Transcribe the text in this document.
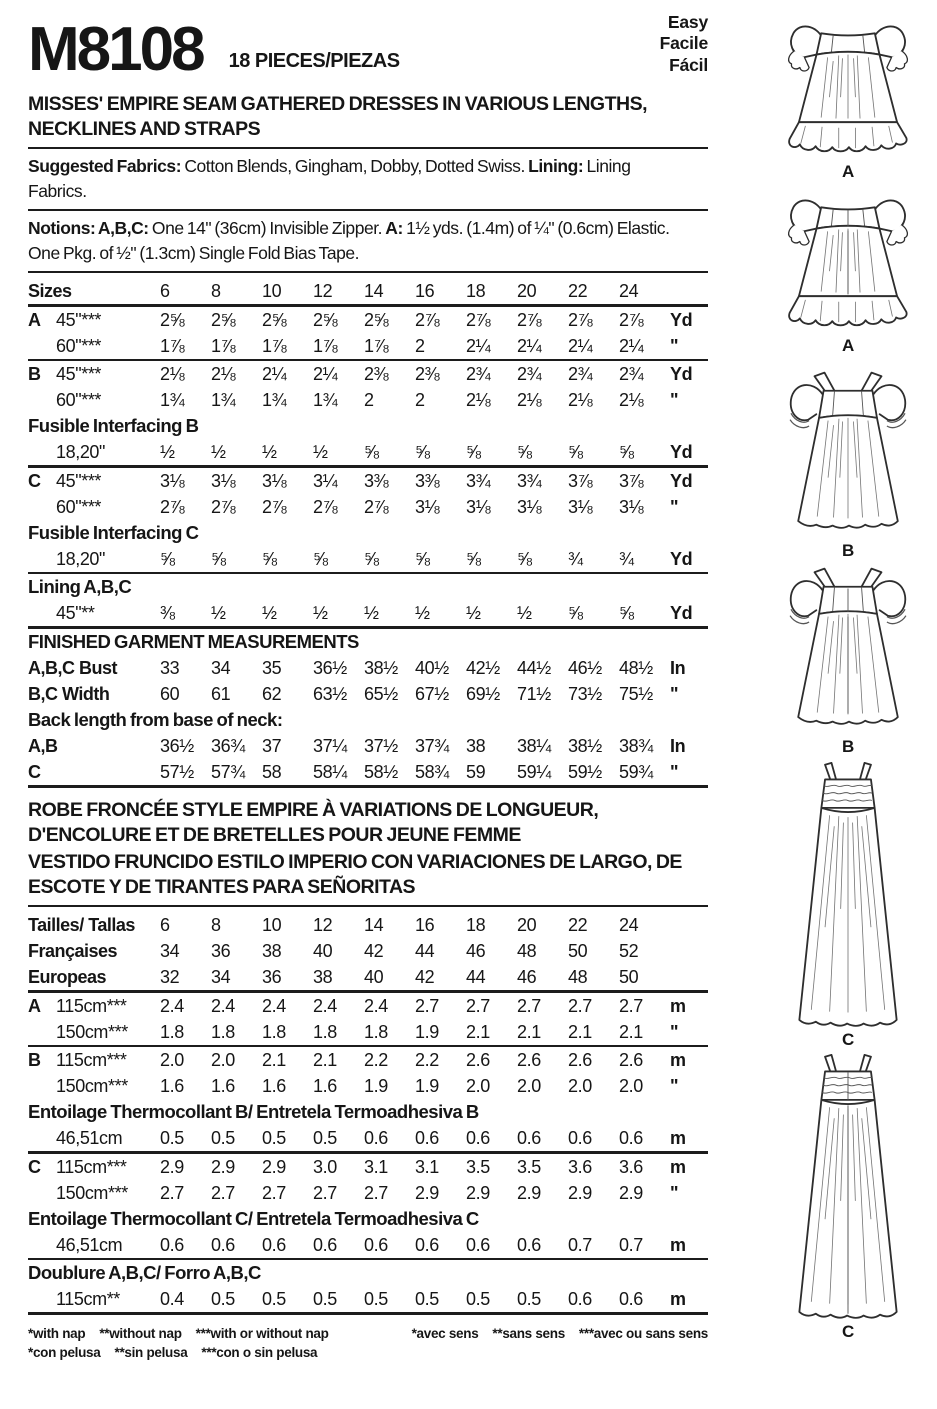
M8108 18 PIECES/PIEZAS
Easy
Facile
Fácil
MISSES' EMPIRE SEAM GATHERED DRESSES IN VARIOUS LENGTHS, NECKLINES AND STRAPS
Suggested Fabrics: Cotton Blends, Gingham, Dobby, Dotted Swiss. Lining: Lining Fabrics.
Notions: A,B,C: One 14" (36cm) Invisible Zipper. A: 1½ yds. (1.4m) of ¼" (0.6cm) Elastic. One Pkg. of ½" (1.3cm) Single Fold Bias Tape.
Sizes	6	8	10	12	14	16	18	20	22	24	
A 45"***	2⅝	2⅝	2⅝	2⅝	2⅝	2⅞	2⅞	2⅞	2⅞	2⅞	Yd
60"***	1⅞	1⅞	1⅞	1⅞	1⅞	2	2¼	2¼	2¼	2¼	"
B 45"***	2⅛	2⅛	2¼	2¼	2⅜	2⅜	2¾	2¾	2¾	2¾	Yd
60"***	1¾	1¾	1¾	1¾	2	2	2⅛	2⅛	2⅛	2⅛	"
Fusible Interfacing B											
18,20"	½	½	½	½	⅝	⅝	⅝	⅝	⅝	⅝	Yd
C 45"***	3⅛	3⅛	3⅛	3¼	3⅜	3⅜	3¾	3¾	3⅞	3⅞	Yd
60"***	2⅞	2⅞	2⅞	2⅞	2⅞	3⅛	3⅛	3⅛	3⅛	3⅛	"
Fusible Interfacing C											
18,20"	⅝	⅝	⅝	⅝	⅝	⅝	⅝	⅝	¾	¾	Yd
Lining A,B,C											
45"**	⅜	½	½	½	½	½	½	½	⅝	⅝	Yd
FINISHED GARMENT MEASUREMENTS											
A,B,C Bust	33	34	35	36½	38½	40½	42½	44½	46½	48½	In
B,C Width	60	61	62	63½	65½	67½	69½	71½	73½	75½	"
Back length from base of neck:											
A,B	36½	36¾	37	37¼	37½	37¾	38	38¼	38½	38¾	In
C	57½	57¾	58	58¼	58½	58¾	59	59¼	59½	59¾	"
ROBE FRONCÉE STYLE EMPIRE À VARIATIONS DE LONGUEUR, D'ENCOLURE ET DE BRETELLES POUR JEUNE FEMME
VESTIDO FRUNCIDO ESTILO IMPERIO CON VARIACIONES DE LARGO, DE ESCOTE Y DE TIRANTES PARA SEÑORITAS
Tailles/ Tallas	6	8	10	12	14	16	18	20	22	24	
Françaises	34	36	38	40	42	44	46	48	50	52	
Europeas	32	34	36	38	40	42	44	46	48	50	
A 115cm***	2.4	2.4	2.4	2.4	2.4	2.7	2.7	2.7	2.7	2.7	m
150cm***	1.8	1.8	1.8	1.8	1.8	1.9	2.1	2.1	2.1	2.1	"
B 115cm***	2.0	2.0	2.1	2.1	2.2	2.2	2.6	2.6	2.6	2.6	m
150cm***	1.6	1.6	1.6	1.6	1.9	1.9	2.0	2.0	2.0	2.0	"
Entoilage Thermocollant B/ Entretela Termoadhesiva B											
46,51cm	0.5	0.5	0.5	0.5	0.6	0.6	0.6	0.6	0.6	0.6	m
C 115cm***	2.9	2.9	2.9	3.0	3.1	3.1	3.5	3.5	3.6	3.6	m
150cm***	2.7	2.7	2.7	2.7	2.7	2.9	2.9	2.9	2.9	2.9	"
Entoilage Thermocollant C/ Entretela Termoadhesiva C											
46,51cm	0.6	0.6	0.6	0.6	0.6	0.6	0.6	0.6	0.7	0.7	m
Doublure A,B,C/ Forro A,B,C											
115cm**	0.4	0.5	0.5	0.5	0.5	0.5	0.5	0.5	0.6	0.6	m
*with nap **without nap ***with or without nap
*con pelusa **sin pelusa ***con o sin pelusa
*avec sens **sans sens ***avec ou sans sens
A
A
B
B
C
C
